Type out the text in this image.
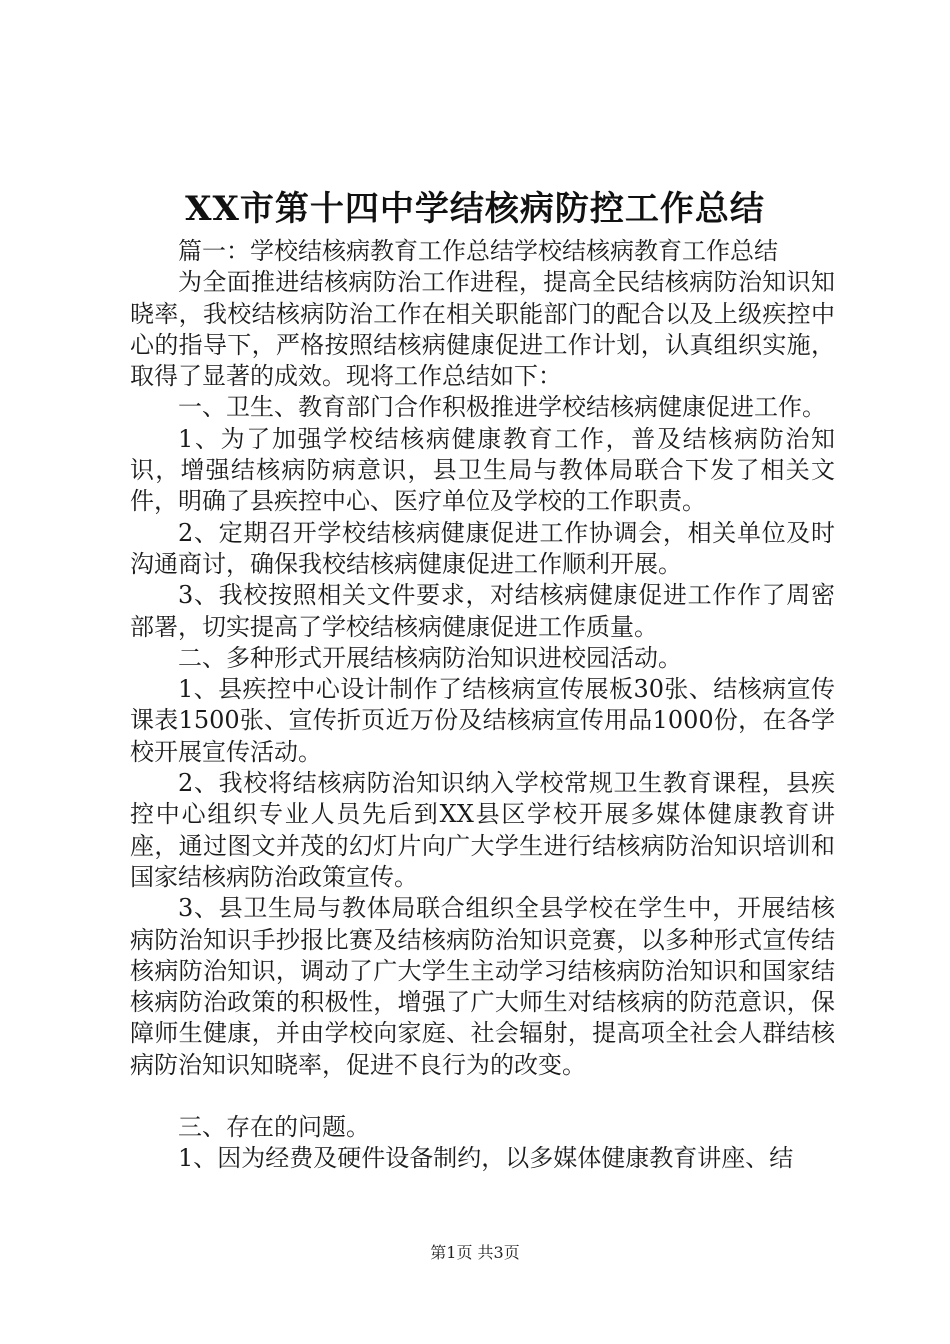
XX市第十四中学结核病防控工作总结

篇一：学校结核病教育工作总结学校结核病教育工作总结

为全面推进结核病防治工作进程，提高全民结核病防治知识知晓率，我校结核病防治工作在相关职能部门的配合以及上级疾控中心的指导下，严格按照结核病健康促进工作计划，认真组织实施，取得了显著的成效。现将工作总结如下：

一、卫生、教育部门合作积极推进学校结核病健康促进工作。

1、为了加强学校结核病健康教育工作，普及结核病防治知识，增强结核病防病意识，县卫生局与教体局联合下发了相关文件，明确了县疾控中心、医疗单位及学校的工作职责。

2、定期召开学校结核病健康促进工作协调会，相关单位及时沟通商讨，确保我校结核病健康促进工作顺利开展。

3、我校按照相关文件要求，对结核病健康促进工作作了周密部署，切实提高了学校结核病健康促进工作质量。

二、多种形式开展结核病防治知识进校园活动。

1、县疾控中心设计制作了结核病宣传展板30张、结核病宣传课表1500张、宣传折页近万份及结核病宣传用品1000份，在各学校开展宣传活动。

2、我校将结核病防治知识纳入学校常规卫生教育课程，县疾控中心组织专业人员先后到XX县区学校开展多媒体健康教育讲座，通过图文并茂的幻灯片向广大学生进行结核病防治知识培训和国家结核病防治政策宣传。

3、县卫生局与教体局联合组织全县学校在学生中，开展结核病防治知识手抄报比赛及结核病防治知识竞赛，以多种形式宣传结核病防治知识，调动了广大学生主动学习结核病防治知识和国家结核病防治政策的积极性，增强了广大师生对结核病的防范意识，保障师生健康，并由学校向家庭、社会辐射，提高项全社会人群结核病防治知识知晓率，促进不良行为的改变。

三、存在的问题。

1、因为经费及硬件设备制约，以多媒体健康教育讲座、结

第1页 共3页
